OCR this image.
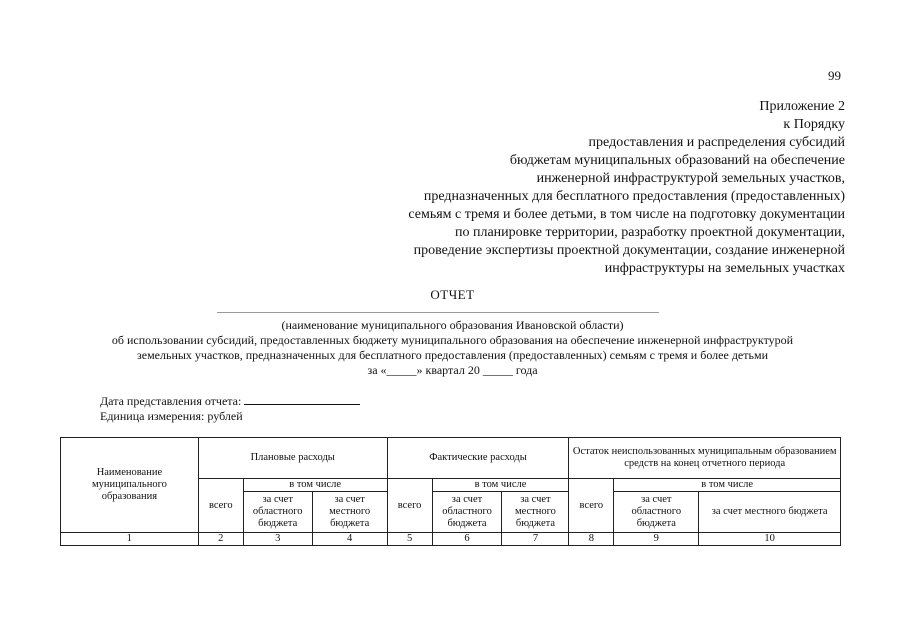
99
Приложение 2
к Порядку
предоставления и распределения субсидий
бюджетам муниципальных образований на обеспечение
инженерной инфраструктурой земельных участков,
предназначенных для бесплатного предоставления (предоставленных)
семьям с тремя и более детьми, в том числе на подготовку документации
по планировке территории, разработку проектной документации,
проведение экспертизы проектной документации, создание инженерной
инфраструктуры на земельных участках
ОТЧЕТ
(наименование муниципального образования Ивановской области)
об использовании субсидий, предоставленных бюджету муниципального образования на обеспечение инженерной инфраструктурой
земельных участков, предназначенных для бесплатного предоставления (предоставленных) семьям с тремя и более детьми
за «_____» квартал 20 _____ года
Дата представления отчета:
Единица измерения: рублей
Наименование муниципального образования	Плановые расходы			Фактические расходы			Остаток неиспользованных муниципальным образованием средств на конец отчетного периода		
	всего	в том числе		всего	в том числе		всего	в том числе	
		за счет областного бюджета	за счет местного бюджета		за счет областного бюджета	за счет местного бюджета		за счет областного бюджета	за счет местного бюджета
1	2	3	4	5	6	7	8	9	10
